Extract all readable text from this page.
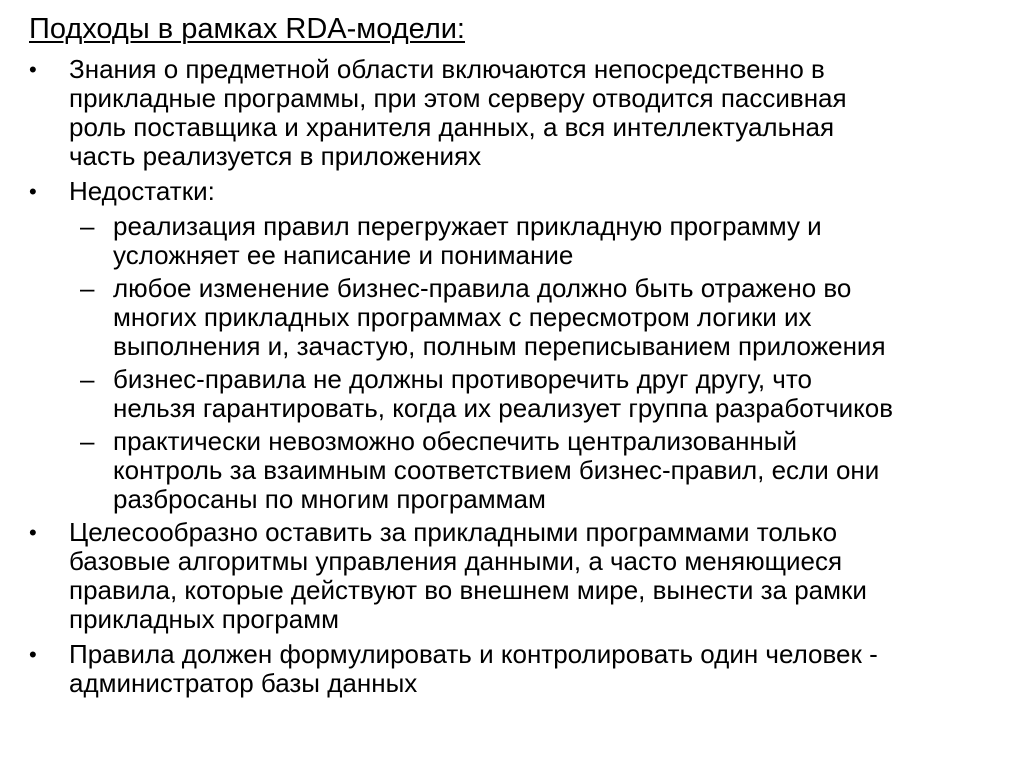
Подходы в рамках RDA-модели:
• Знания о предметной области включаются непосредственно в
прикладные программы, при этом серверу отводится пассивная
роль поставщика и хранителя данных, а вся интеллектуальная
часть реализуется в приложениях
• Недостатки:
– реализация правил перегружает прикладную программу и
усложняет ее написание и понимание
– любое изменение бизнес-правила должно быть отражено во
многих прикладных программах с пересмотром логики их
выполнения и, зачастую, полным переписыванием приложения
– бизнес-правила не должны противоречить друг другу, что
нельзя гарантировать, когда их реализует группа разработчиков
– практически невозможно обеспечить централизованный
контроль за взаимным соответствием бизнес-правил, если они
разбросаны по многим программам
• Целесообразно оставить за прикладными программами только
базовые алгоритмы управления данными, а часто меняющиеся
правила, которые действуют во внешнем мире, вынести за рамки
прикладных программ
• Правила должен формулировать и контролировать один человек -
администратор базы данных
